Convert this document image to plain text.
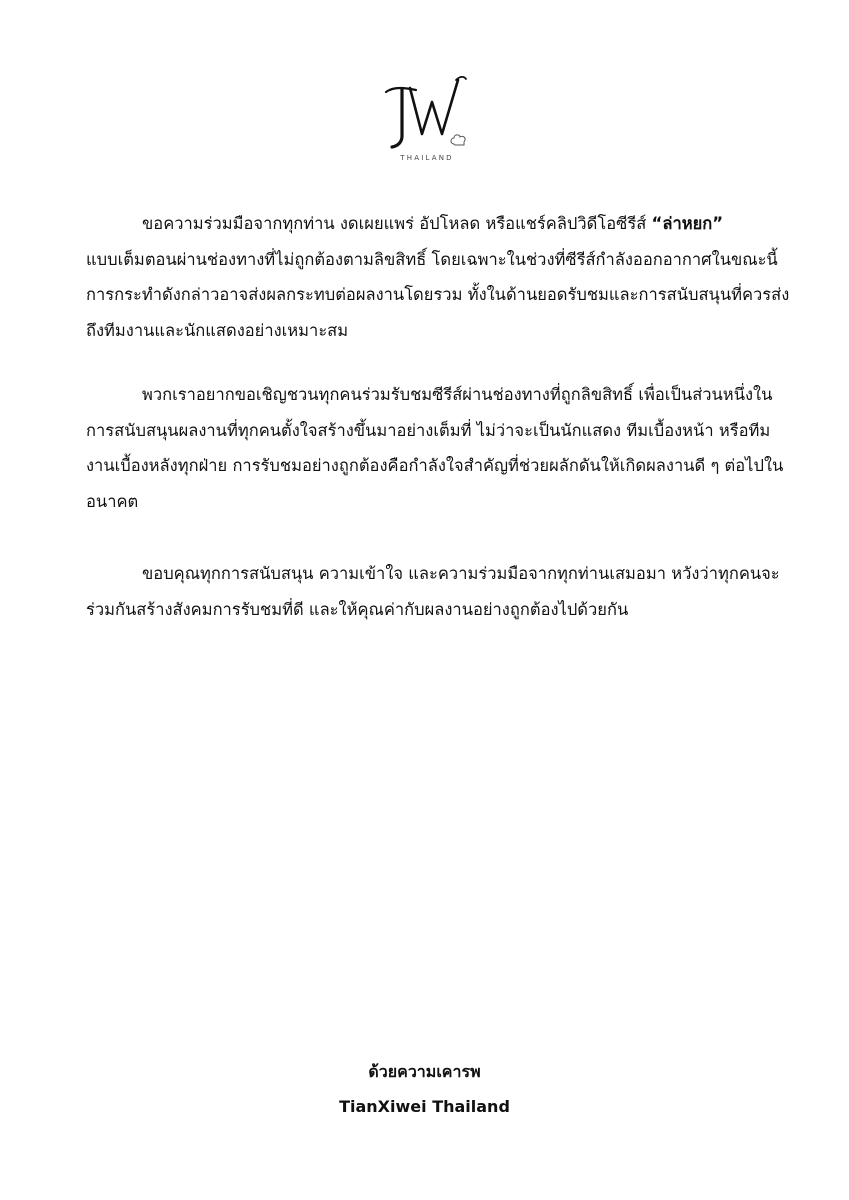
THAILAND
ขอความร่วมมือจากทุกท่าน งดเผยแพร่ อัปโหลด หรือแชร์คลิปวิดีโอซีรีส์ “ล่าหยก”
แบบเต็มตอนผ่านช่องทางที่ไม่ถูกต้องตามลิขสิทธิ์ โดยเฉพาะในช่วงที่ซีรีส์กำลังออกอากาศในขณะนี้
การกระทำดังกล่าวอาจส่งผลกระทบต่อผลงานโดยรวม ทั้งในด้านยอดรับชมและการสนับสนุนที่ควรส่ง
ถึงทีมงานและนักแสดงอย่างเหมาะสม
พวกเราอยากขอเชิญชวนทุกคนร่วมรับชมซีรีส์ผ่านช่องทางที่ถูกลิขสิทธิ์ เพื่อเป็นส่วนหนึ่งใน
การสนับสนุนผลงานที่ทุกคนตั้งใจสร้างขึ้นมาอย่างเต็มที่ ไม่ว่าจะเป็นนักแสดง ทีมเบื้องหน้า หรือทีม
งานเบื้องหลังทุกฝ่าย การรับชมอย่างถูกต้องคือกำลังใจสำคัญที่ช่วยผลักดันให้เกิดผลงานดี ๆ ต่อไปใน
อนาคต
ขอบคุณทุกการสนับสนุน ความเข้าใจ และความร่วมมือจากทุกท่านเสมอมา หวังว่าทุกคนจะ
ร่วมกันสร้างสังคมการรับชมที่ดี และให้คุณค่ากับผลงานอย่างถูกต้องไปด้วยกัน
ด้วยความเคารพ
TianXiwei Thailand
